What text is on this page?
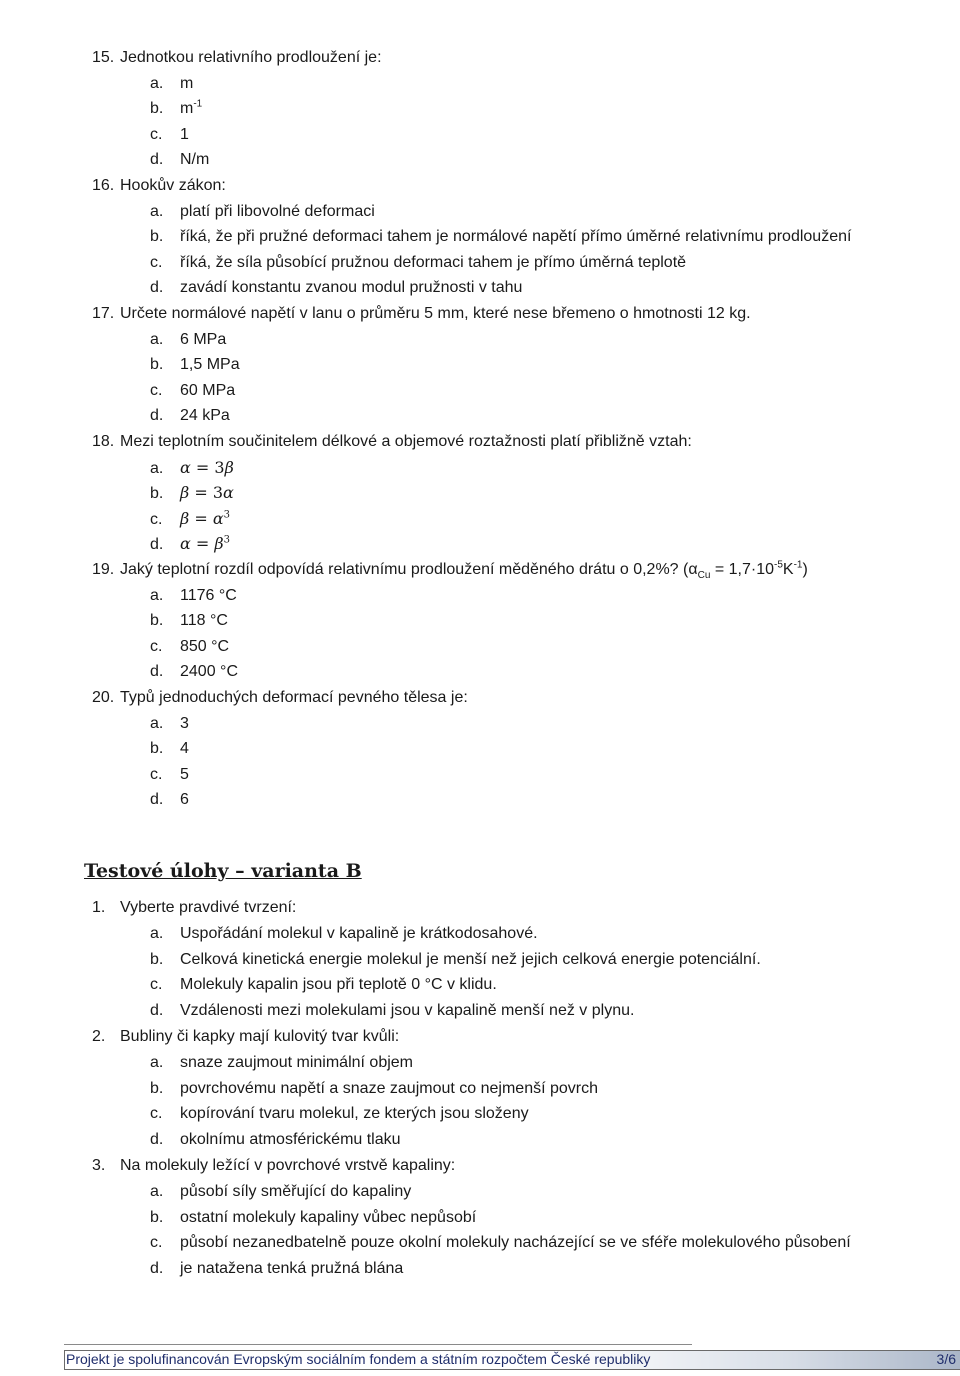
15. Jednotkou relativního prodloužení je:
a. m
b. $m^{-1}$
c. 1
d. N/m
16. Hookův zákon:
a. platí při libovolné deformaci
b. říká, že při pružné deformaci tahem je normálové napětí přímo úměrné relativnímu prodloužení
c. říká, že síla působící pružnou deformaci tahem je přímo úměrná teplotě
d. zavádí konstantu zvanou modul pružnosti v tahu
17. Určete normálové napětí v lanu o průměru 5 mm, které nese břemeno o hmotnosti 12 kg.
a. 6 MPa
b. 1,5 MPa
c. 60 MPa
d. 24 kPa
18. Mezi teplotním součinitelem délkové a objemové roztažnosti platí přibližně vztah:
a. α = 3β
b. β = 3α
c. $\beta = \alpha^3$
d. $\alpha = \beta^3$
19. Jaký teplotní rozdíl odpovídá relativnímu prodloužení měděného drátu o 0,2%? $(\alpha_{Cu} = 1,7\cdot 10^{-5}K^{-1})$
a. 1176 °C
b. 118 °C
c. 850 °C
d. 2400 °C
20. Typů jednoduchých deformací pevného tělesa je:
a. 3
b. 4
c. 5
d. 6
Testové úlohy – varianta B
1. Vyberte pravdivé tvrzení:
a. Uspořádání molekul v kapalině je krátkodosahové.
b. Celková kinetická energie molekul je menší než jejich celková energie potenciální.
c. Molekuly kapalin jsou při teplotě 0 °C v klidu.
d. Vzdálenosti mezi molekulami jsou v kapalině menší než v plynu.
2. Bubliny či kapky mají kulovitý tvar kvůli:
a. snaze zaujmout minimální objem
b. povrchovému napětí a snaze zaujmout co nejmenší povrch
c. kopírování tvaru molekul, ze kterých jsou složeny
d. okolnímu atmosférickému tlaku
3. Na molekuly ležící v povrchové vrstvě kapaliny:
a. působí síly směřující do kapaliny
b. ostatní molekuly kapaliny vůbec nepůsobí
c. působí nezanedbatelně pouze okolní molekuly nacházející se ve sféře molekulového působení
d. je natažena tenká pružná blána
Projekt je spolufinancován Evropským sociálním fondem a státním rozpočtem České republiky	3/6
